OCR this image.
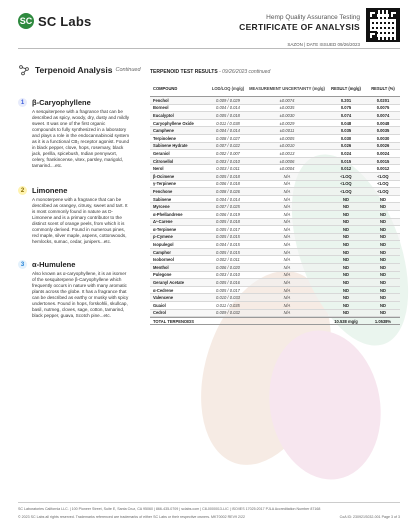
SC SC Labs	Hemp Quality Assurance Testing
CERTIFICATE OF ANALYSIS
SAZON | DATE ISSUED 09/26/2023
Terpenoid Analysis Continued
1	β-Caryophyllene
A sesquiterpene with a fragrance that can be described as spicy, woody, dry, dusty and mildly sweet. It was one of the first organic compounds to fully synthesized in a laboratory and plays a role in the endocannabinoid system as it is a functional CB₂ receptor agonist. Found in black pepper, clove, hops, rosemary, black jack, perilla, spicebush, Indian pennywort, celery, frankincense, vitex, parsley, marigold, tamarind....etc.
2	Limonene
A monoterpene with a fragrance that can be described as orangey, citrusy, sweet and tart. It is most commonly found in nature as D-Limonene and is a primary contributor to the distinct scent of orange peels, from which it is commonly derived. Found in numerous pines, red maple, silver maple, aspens, cottonwoods, hemlocks, sumac, cedar, junipers...etc.
3	α-Humulene
Also known as α-caryophyllene, it is an isomer of the sesquiterpene β-Caryophyllene which frequently occurs in nature with many aromatic plants across the globe. It has a fragrance that can be described as earthy or musky with spicy undertones. Found in hops, forskohlii, skullcap, basil, nutmeg, cloves, sage, cotton, tamarind, black pepper, guava, Scotch pine...etc.
TERPENOID TEST RESULTS - 09/26/2023 continued
COMPOUND	LOD/LOQ (mg/g)	MEASUREMENT UNCERTAINTY (mg/g)	RESULT (mg/g)	RESULT (%)
Fenchol	0.009 / 0.029	±0.0074	0.201	0.0201
Borneol	0.004 / 0.014	±0.0035	0.075	0.0075
Eucalyptol	0.005 / 0.018	±0.0030	0.074	0.0074
Caryophyllene Oxide	0.011 / 0.038	±0.0029	0.048	0.0048
Camphene	0.004 / 0.014	±0.0011	0.035	0.0035
Terpinolene	0.008 / 0.027	±0.0005	0.030	0.0030
Sabinene Hydrate	0.007 / 0.022	±0.0010	0.026	0.0026
Geraniol	0.002 / 0.007	±0.0013	0.024	0.0024
Citronellol	0.003 / 0.010	±0.0006	0.015	0.0015
Nerol	0.003 / 0.011	±0.0004	0.012	0.0012
β-Ocimene	0.005 / 0.018	N/A	<LOQ	<LOQ
γ-Terpinene	0.006 / 0.018	N/A	<LOQ	<LOQ
Fenchone	0.008 / 0.026	N/A	<LOQ	<LOQ
Sabinene	0.004 / 0.014	N/A	ND	ND
Myrcene	0.007 / 0.025	N/A	ND	ND
α-Phellandrene	0.006 / 0.019	N/A	ND	ND
Δ³-Carene	0.005 / 0.018	N/A	ND	ND
α-Terpinene	0.005 / 0.017	N/A	ND	ND
p-Cymene	0.005 / 0.015	N/A	ND	ND
Isopulegol	0.004 / 0.015	N/A	ND	ND
Camphor	0.005 / 0.015	N/A	ND	ND
Isoborneol	0.002 / 0.011	N/A	ND	ND
Menthol	0.006 / 0.020	N/A	ND	ND
Pulegone	0.003 / 0.010	N/A	ND	ND
Geranyl Acetate	0.005 / 0.016	N/A	ND	ND
α-Cedrene	0.005 / 0.017	N/A	ND	ND
Valencene	0.010 / 0.033	N/A	ND	ND
Guaiol	0.011 / 0.035	N/A	ND	ND
Cedrol	0.009 / 0.032	N/A	ND	ND
TOTAL TERPENOIDS	10.538 mg/g	1.0538%
SC Laboratories California LLC. | 100 Pioneer Street, Suite E, Santa Cruz, CA 95060 | 866-435-0709 | sclabs.com | C8-0000013-LIC | ISO/IES 17025:2017 PJLA Accreditation Number 87168
© 2023 SC Labs all rights reserved. Trademarks referenced are trademarks of either SC Labs or their respective owners. MKT0002 REV9 2/22	CoA ID: 230921S032-001 Page 3 of 3
